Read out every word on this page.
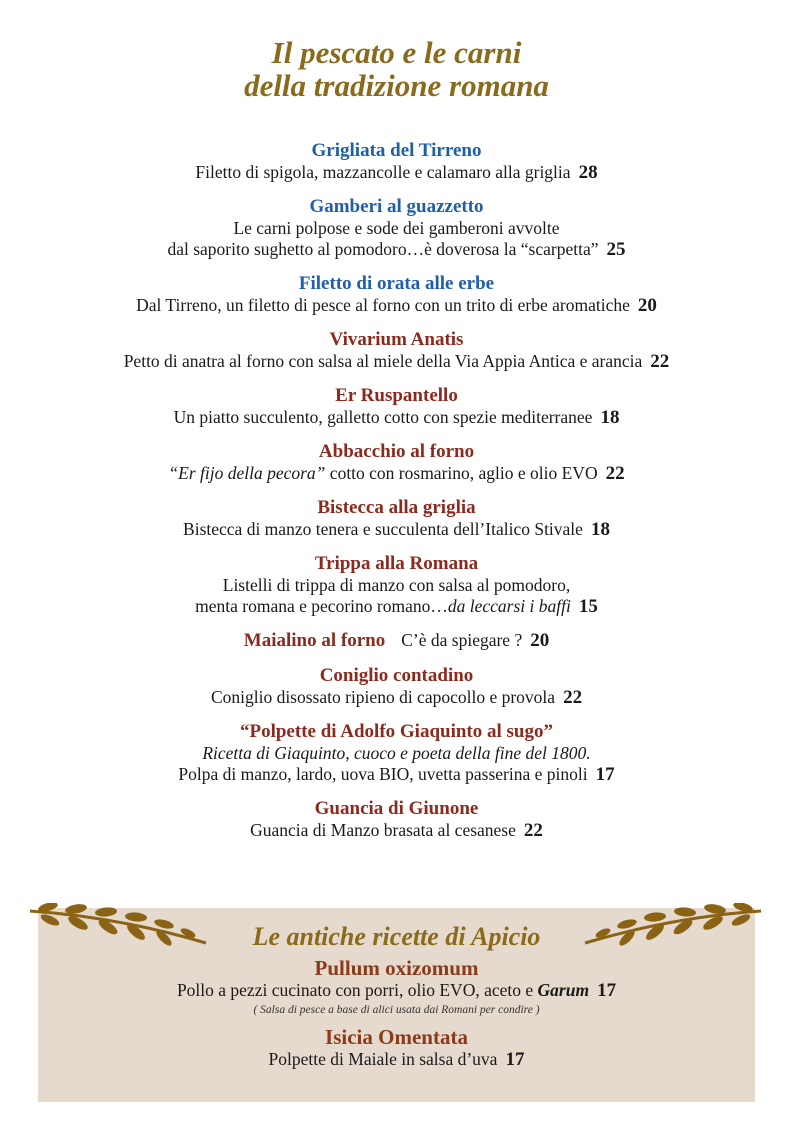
Il pescato e le carni
della tradizione romana
Grigliata del Tirreno
Filetto di spigola, mazzancolle e calamaro alla griglia 28
Gamberi al guazzetto
Le carni polpose e sode dei gamberoni avvolte
dal saporito sughetto al pomodoro…è doverosa la “scarpetta” 25
Filetto di orata alle erbe
Dal Tirreno, un filetto di pesce al forno con un trito di erbe aromatiche 20
Vivarium Anatis
Petto di anatra al forno con salsa al miele della Via Appia Antica e arancia 22
Er Ruspantello
Un piatto succulento, galletto cotto con spezie mediterranee 18
Abbacchio al forno
“Er fijo della pecora” cotto con rosmarino, aglio e olio EVO 22
Bistecca alla griglia
Bistecca di manzo tenera e succulenta dell’Italico Stivale 18
Trippa alla Romana
Listelli di trippa di manzo con salsa al pomodoro,
menta romana e pecorino romano…da leccarsi i baffi 15
Maialino al forno C’è da spiegare ? 20
Coniglio contadino
Coniglio disossato ripieno di capocollo e provola 22
“Polpette di Adolfo Giaquinto al sugo”
Ricetta di Giaquinto, cuoco e poeta della fine del 1800.
Polpa di manzo, lardo, uova BIO, uvetta passerina e pinoli 17
Guancia di Giunone
Guancia di Manzo brasata al cesanese 22
Le antiche ricette di Apicio
Pullum oxizomum
Pollo a pezzi cucinato con porri, olio EVO, aceto e Garum 17
( Salsa di pesce a base di alici usata dai Romani per condire )
Isicia Omentata
Polpette di Maiale in salsa d’uva 17
